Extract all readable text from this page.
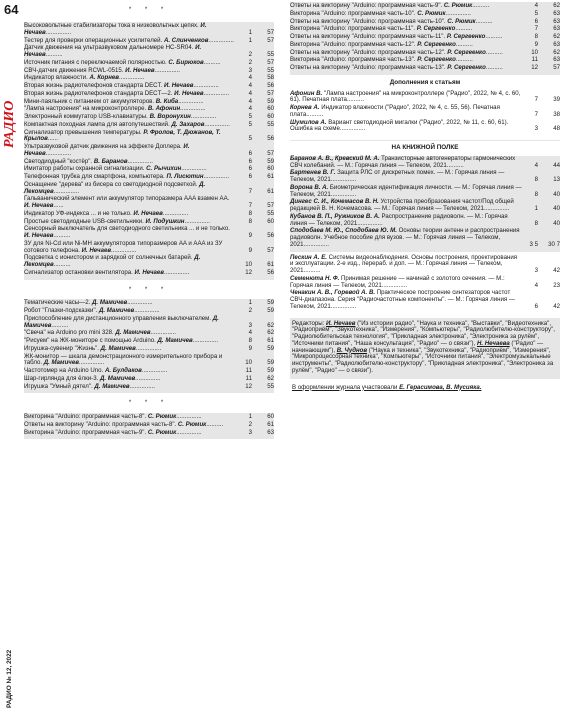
64
РАДИО
РАДИО № 12, 2022
* * *
Высоковольтные стабилизаторы тока в низковольтных цепях. И. Нечаев...............	1	57
Тестер для проверки операционных усилителей. А. Слинченков...............	1	57
Датчик движения на ультразвуковом дальномере HC-SR04. И. Нечаев..........	2	55
Источник питания с переключаемой полярностью. С. Бирюков..........	2	57
СВЧ-датчик движения RCWL-0515. И. Нечаев...............	3	55
Индикатор влажности. А. Корнев...............	4	58
Вторая жизнь радиотелефонов стандарта DECT. И. Нечаев...............	4	56
Вторая жизнь радиотелефонов стандарта DECT—2. И. Нечаев...............	4	57
Мини-паяльник с питанием от аккумуляторов. В. Киба...............	4	59
"Лампа настроения" на микроконтроллере. В. Афонин...............	4	60
Электронный коммутатор USB-клавиатуры. В. Воронухин...............	5	60
Компактная походная лампа для автопутешествий. Д. Захаров...............	5	55
Сигнализатор превышения температуры. Р. Фролов, Т. Дюжанов, Т. Крылов......	5	56
Ультразвуковой датчик движения на эффекте Доплера. И. Нечаев...............	6	57
Светодиодный "костёр". В. Баранов...............	6	59
Имитатор работы охранной сигнализации. С. Рычихин...............	6	60
Телефонная трубка для смартфона, компьютера. П. Лисютин...............	6	61
Оснащение "дерева" из бисера со светодиодной подсветкой. Д. Лекомцев...............	7	61
Гальванический элемент или аккумулятор типоразмера AAA взамен AA. И. Нечаев......	7	57
Индикатор УФ-индекса ... и не только. И. Нечаев...............	8	55
Простые светодиодные USB-светильники. И. Подушкин...............	8	60
Сенсорный выключатель для светодиодного светильника ... и не только. И. Нечаев..........	9	56
ЗУ для Ni-Cd или Ni-MH аккумуляторов типоразмеров AA и AAA из ЗУ сотового телефона. И. Нечаев...............	9	57
Подсветка с ионистором и зарядкой от солнечных батарей. Д. Лекомцев..........	10	61
Сигнализатор остановки вентилятора. И. Нечаев...............	12	56
* * *
Тематические часы—2. Д. Мамичев...............	1	59
Робот "Глазки-подсказки". Д. Мамичев...............	2	59
Приспособление для дистанционного управления выключателем. Д. Мамичев..........	3	62
"Свеча" на Arduino pro mini 328. Д. Мамичев...............	4	62
"Рисуем" на ЖК-мониторе с помощью Arduino. Д. Мамичев...............	8	61
Игрушка-сувенир "Жизнь". Д. Мамичев...............	9	59
ЖК-монитор — шкала демонстрационного измерительного прибора и табло. Д. Мамичев...............	10	59
Частотомер на Arduino Uno. А. Булдаков...............	11	59
Шар-гирлянда для ёлки-3. Д. Мамичев...............	11	62
Игрушка "Умный дятел". Д. Мамичев...............	12	55
* * *
Викторина "Arduino: программная часть-8". С. Рюмик...............	1	60
Ответы на викторину "Arduino: программная часть-8". С. Рюмик..........	2	61
Викторина "Arduino: программная часть-9". С. Рюмик...............	3	63
Ответы на викторину "Arduino: программная часть-9". С. Рюмик..........	4	62
Викторина "Arduino: программная часть-10". С. Рюмик...............	5	63
Ответы на викторину "Arduino: программная часть-10". С. Рюмик..........	6	63
Викторина "Arduino: программная часть-11". Р. Сергеенко..........	7	63
Ответы на викторину "Arduino: программная часть-11". Р. Сергеенко..........	8	62
Викторина "Arduino: программная часть-12". Р. Сергеенко..........	9	63
Ответы на викторину "Arduino: программная часть-12". Р. Сергеенко..........	10	62
Викторина "Arduino: программная часть-13". Р. Сергеенко..........	11	63
Ответы на викторину "Arduino: программная часть-13". Р. Сергеенко..........	12	57
Дополнения к статьям
Афонин В. "Лампа настроения" на микроконтроллере ("Радио", 2022, № 4, с. 60, 61). Печатная плата..........	7	39
Корнев А. Индикатор влажности ("Радио", 2022, № 4, с. 55, 56). Печатная плата..........	7	38
Шумилов А. Вариант светодиодной мигалки ("Радио", 2022, № 11, с. 60, 61). Ошибка на схеме...............	3	48
НА КНИЖНОЙ ПОЛКЕ
Баранов А. В., Кревский М. А. Транзисторные автогенераторы гармонических СВЧ колебаний. — М.: Горячая линия — Телеком, 2021..........	4	44
Бартенев В. Г. Защита РЛС от дискретных помех. — М.: Горячая линия — Телеком, 2021...............	8	13
Ворона В. А. Биометрическая идентификация личности. — М.: Горячая линия — Телеком, 2021...............	8	40
Дингес С. И., Кочемасов В. Н. Устройства преобразования частот/Под общей редакцией В. Н. Кочемасова. — М.: Горячая линия — Телеком, 2021...............	1	40
Кубанов В. П., Ружников В. А. Распространение радиоволн. — М.: Горячая линия — Телеком, 2021...............	8	40
Сподобаев М. Ю., Сподобаев Ю. М. Основы теории антенн и распространения радиоволн. Учебное пособие для вузов. — М.: Горячая линия — Телеком, 2021...............	3 5	30 7
Пескин А. Е. Системы видеонаблюдения. Основы построения, проектирования и эксплуатации. 2-е изд., перераб. и доп. — М.: Горячая линия — Телеком, 2021..........	3	42
Семенюта Н. Ф. Принимая решение — начинай с золотого сечения. — М.: Горячая линия — Телеком, 2021...............	4	23
Ченакин А. В., Горевой А. В. Практическое построение синтезаторов частот СВЧ-диапазона. Серия "Радиочастотные компоненты". — М.: Горячая линия — Телеком, 2021...............	6	42
Редакторы: И. Нечаев ("Из истории радио", "Наука и техника", "Выставки", "Видеотехника", "Радиоприём", "Звукотехника", "Измерения", "Компьютеры", "Радиолюбителю-конструктору", "Радиолюбительская технология", "Прикладная электроника", "Электроника за рулём", "Источники питания", "Наша консультация", "Радио" — о связи"), Н. Нечаева ("Радио" — начинающим"), В. Чуднов ("Наука и техника", "Звукотехника", "Радиоприём", "Измерения", "Микропроцессорная техника", "Компьютеры", "Источники питания", "Электромузыкальные инструменты", "Радиолюбителю-конструктору", "Прикладная электроника", "Электроника за рулём", "Радио" — о связи").
В оформлении журнала участвовали Е. Герасимова, В. Мусияка.
